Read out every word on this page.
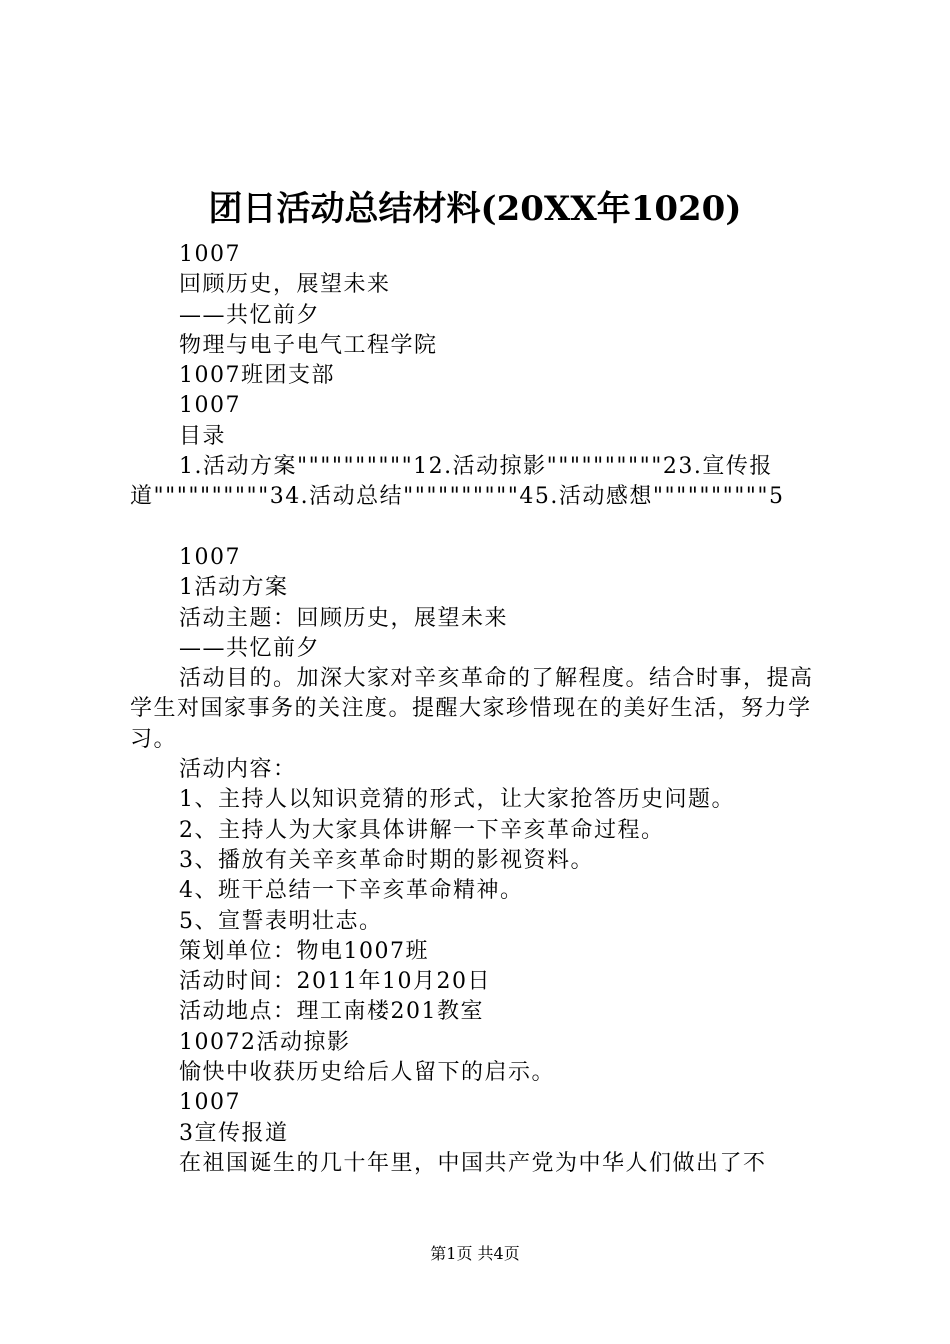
团日活动总结材料(20XX年1020)
1007
回顾历史，展望未来
——共忆前夕
物理与电子电气工程学院
1007班团支部
1007
目录
1.活动方案""""""""""12.活动掠影""""""""""23.宣传报道""""""""""34.活动总结""""""""""45.活动感想""""""""""5
1007
1活动方案
活动主题：回顾历史，展望未来
——共忆前夕
活动目的。加深大家对辛亥革命的了解程度。结合时事，提高学生对国家事务的关注度。提醒大家珍惜现在的美好生活，努力学习。
活动内容：
1、主持人以知识竞猜的形式，让大家抢答历史问题。
2、主持人为大家具体讲解一下辛亥革命过程。
3、播放有关辛亥革命时期的影视资料。
4、班干总结一下辛亥革命精神。
5、宣誓表明壮志。
策划单位：物电1007班
活动时间：2011年10月20日
活动地点：理工南楼201教室
10072活动掠影
愉快中收获历史给后人留下的启示。
1007
3宣传报道
在祖国诞生的几十年里，中国共产党为中华人们做出了不
第1页 共4页
